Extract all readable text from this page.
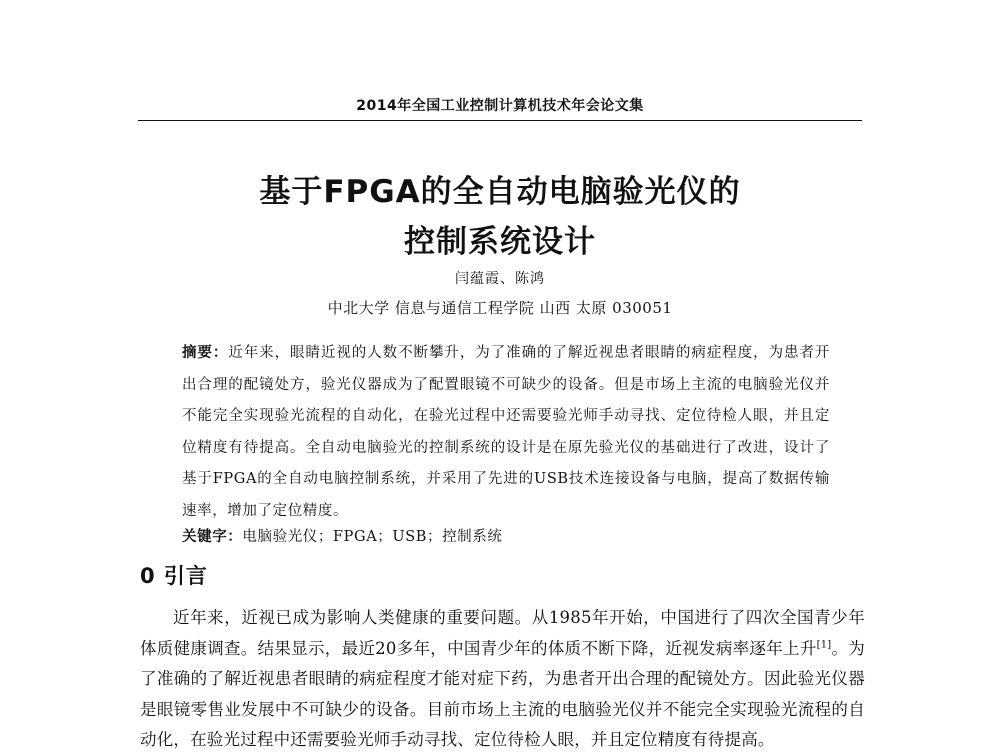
2014年全国工业控制计算机技术年会论文集
基于FPGA的全自动电脑验光仪的
控制系统设计
闫蕴霞、陈鸿
中北大学 信息与通信工程学院 山西 太原 030051
摘要：近年来，眼睛近视的人数不断攀升，为了准确的了解近视患者眼睛的病症程度，为患者开出合理的配镜处方，验光仪器成为了配置眼镜不可缺少的设备。但是市场上主流的电脑验光仪并不能完全实现验光流程的自动化，在验光过程中还需要验光师手动寻找、定位待检人眼，并且定位精度有待提高。全自动电脑验光的控制系统的设计是在原先验光仪的基础进行了改进，设计了基于FPGA的全自动电脑控制系统，并采用了先进的USB技术连接设备与电脑，提高了数据传输速率，增加了定位精度。
关键字：电脑验光仪；FPGA；USB；控制系统
0 引言
近年来，近视已成为影响人类健康的重要问题。从1985年开始，中国进行了四次全国青少年体质健康调查。结果显示，最近20多年，中国青少年的体质不断下降，近视发病率逐年上升[1]。为了准确的了解近视患者眼睛的病症程度才能对症下药，为患者开出合理的配镜处方。因此验光仪器是眼镜零售业发展中不可缺少的设备。目前市场上主流的电脑验光仪并不能完全实现验光流程的自动化，在验光过程中还需要验光师手动寻找、定位待检人眼，并且定位精度有待提高。
